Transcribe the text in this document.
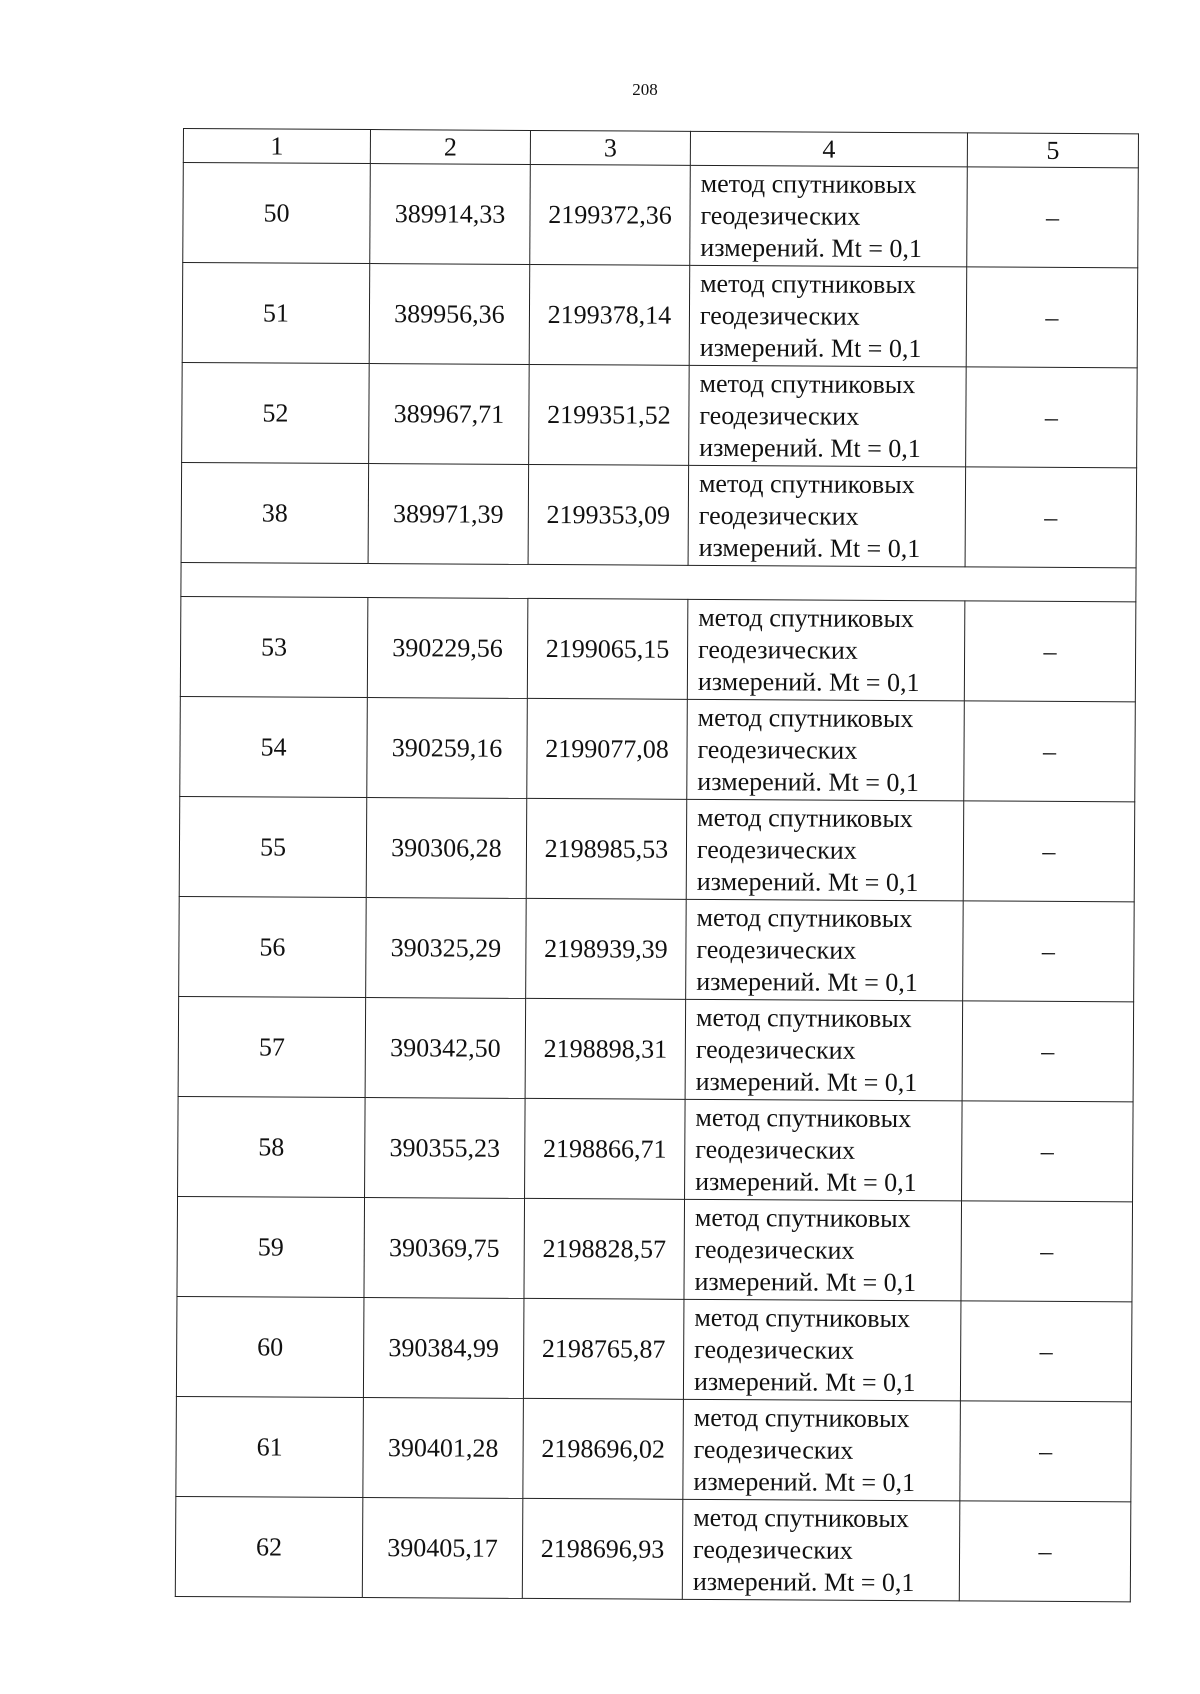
208
1	2	3	4	5
50	389914,33	2199372,36	метод спутниковых
геодезических
измерений. Mt = 0,1	–
51	389956,36	2199378,14	метод спутниковых
геодезических
измерений. Mt = 0,1	–
52	389967,71	2199351,52	метод спутниковых
геодезических
измерений. Mt = 0,1	–
38	389971,39	2199353,09	метод спутниковых
геодезических
измерений. Mt = 0,1	–

53	390229,56	2199065,15	метод спутниковых
геодезических
измерений. Mt = 0,1	–
54	390259,16	2199077,08	метод спутниковых
геодезических
измерений. Mt = 0,1	–
55	390306,28	2198985,53	метод спутниковых
геодезических
измерений. Mt = 0,1	–
56	390325,29	2198939,39	метод спутниковых
геодезических
измерений. Mt = 0,1	–
57	390342,50	2198898,31	метод спутниковых
геодезических
измерений. Mt = 0,1	–
58	390355,23	2198866,71	метод спутниковых
геодезических
измерений. Mt = 0,1	–
59	390369,75	2198828,57	метод спутниковых
геодезических
измерений. Mt = 0,1	–
60	390384,99	2198765,87	метод спутниковых
геодезических
измерений. Mt = 0,1	–
61	390401,28	2198696,02	метод спутниковых
геодезических
измерений. Mt = 0,1	–
62	390405,17	2198696,93	метод спутниковых
геодезических
измерений. Mt = 0,1	–
